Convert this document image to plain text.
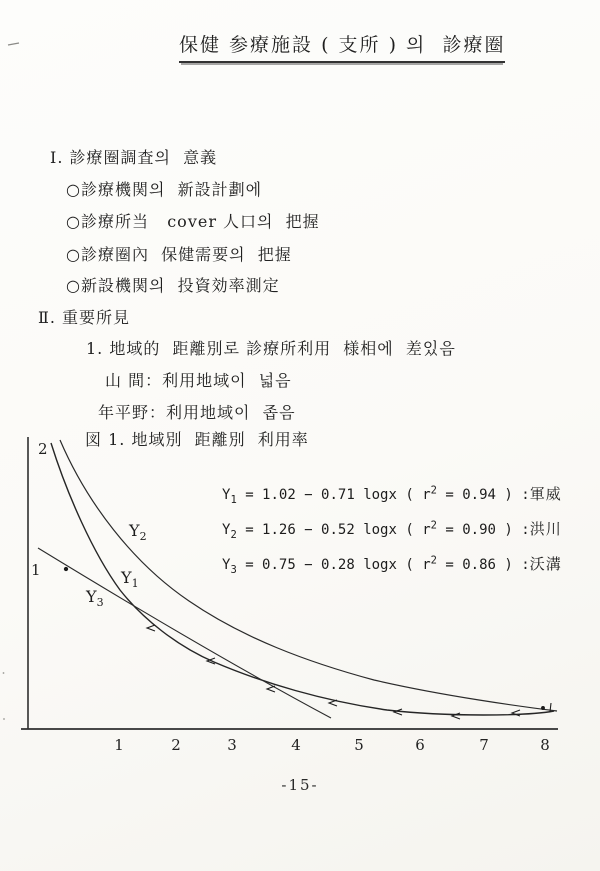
保健 参療施設 ( 支所 ) 의  診療圈
Ⅰ. 診療圈調査의  意義
○診療機関의  新設計劃에
○診療所当   cover 人口의  把握
○診療圈內  保健需要의  把握
○新設機関의  投資効率測定
Ⅱ. 重要所見
1. 地域的  距離別로 診療所利用  様相에  差있음
山 間：利用地域이  넓음
年平野：利用地域이  좁음
図 1. 地域別  距離別  利用率
2
1
1	2	3	4	5	6	7	8
$Y_2$
$Y_1$
$Y_3$
$Y_1 = 1.02 - 0.71$ logx ( $r^2 = 0.94$ ) :軍威
$Y_2 = 1.26 - 0.52$ logx ( $r^2 = 0.90$ ) :洪川
$Y_3 = 0.75 - 0.28$ logx ( $r^2 = 0.86$ ) :沃溝
-15-
